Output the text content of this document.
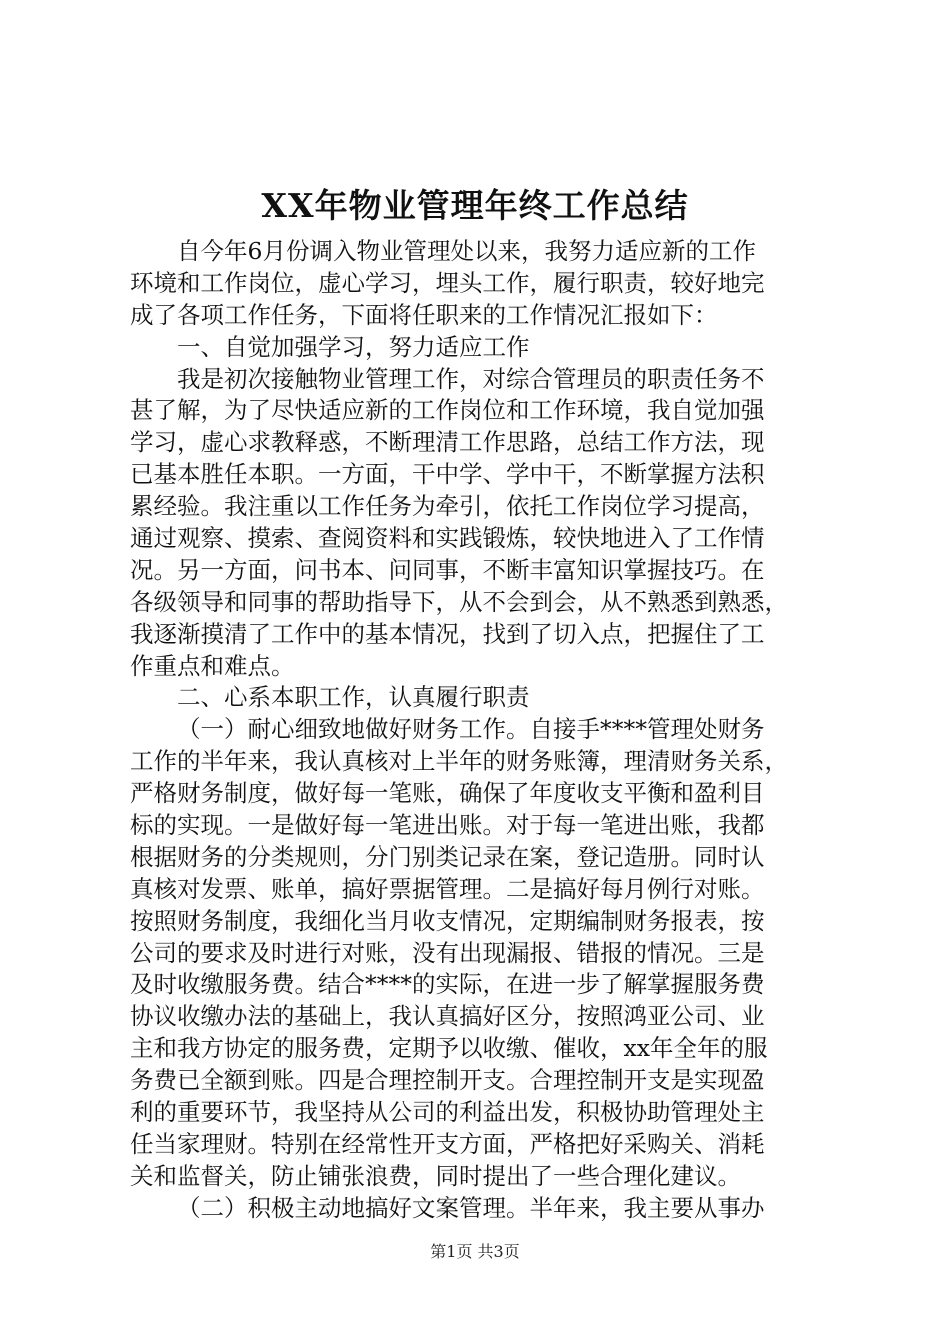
XX年物业管理年终工作总结
自今年6月份调入物业管理处以来，我努力适应新的工作
环境和工作岗位，虚心学习，埋头工作，履行职责，较好地完
成了各项工作任务，下面将任职来的工作情况汇报如下：
一、自觉加强学习，努力适应工作
我是初次接触物业管理工作，对综合管理员的职责任务不
甚了解，为了尽快适应新的工作岗位和工作环境，我自觉加强
学习，虚心求教释惑，不断理清工作思路，总结工作方法，现
已基本胜任本职。一方面，干中学、学中干，不断掌握方法积
累经验。我注重以工作任务为牵引，依托工作岗位学习提高，
通过观察、摸索、查阅资料和实践锻炼，较快地进入了工作情
况。另一方面，问书本、问同事，不断丰富知识掌握技巧。在
各级领导和同事的帮助指导下，从不会到会，从不熟悉到熟悉，
我逐渐摸清了工作中的基本情况，找到了切入点，把握住了工
作重点和难点。
二、心系本职工作，认真履行职责
（一）耐心细致地做好财务工作。自接手****管理处财务
工作的半年来，我认真核对上半年的财务账簿，理清财务关系，
严格财务制度，做好每一笔账，确保了年度收支平衡和盈利目
标的实现。一是做好每一笔进出账。对于每一笔进出账，我都
根据财务的分类规则，分门别类记录在案，登记造册。同时认
真核对发票、账单，搞好票据管理。二是搞好每月例行对账。
按照财务制度，我细化当月收支情况，定期编制财务报表，按
公司的要求及时进行对账，没有出现漏报、错报的情况。三是
及时收缴服务费。结合****的实际，在进一步了解掌握服务费
协议收缴办法的基础上，我认真搞好区分，按照鸿亚公司、业
主和我方协定的服务费，定期予以收缴、催收，xx年全年的服
务费已全额到账。四是合理控制开支。合理控制开支是实现盈
利的重要环节，我坚持从公司的利益出发，积极协助管理处主
任当家理财。特别在经常性开支方面，严格把好采购关、消耗
关和监督关，防止铺张浪费，同时提出了一些合理化建议。
（二）积极主动地搞好文案管理。半年来，我主要从事办
第1页 共3页
